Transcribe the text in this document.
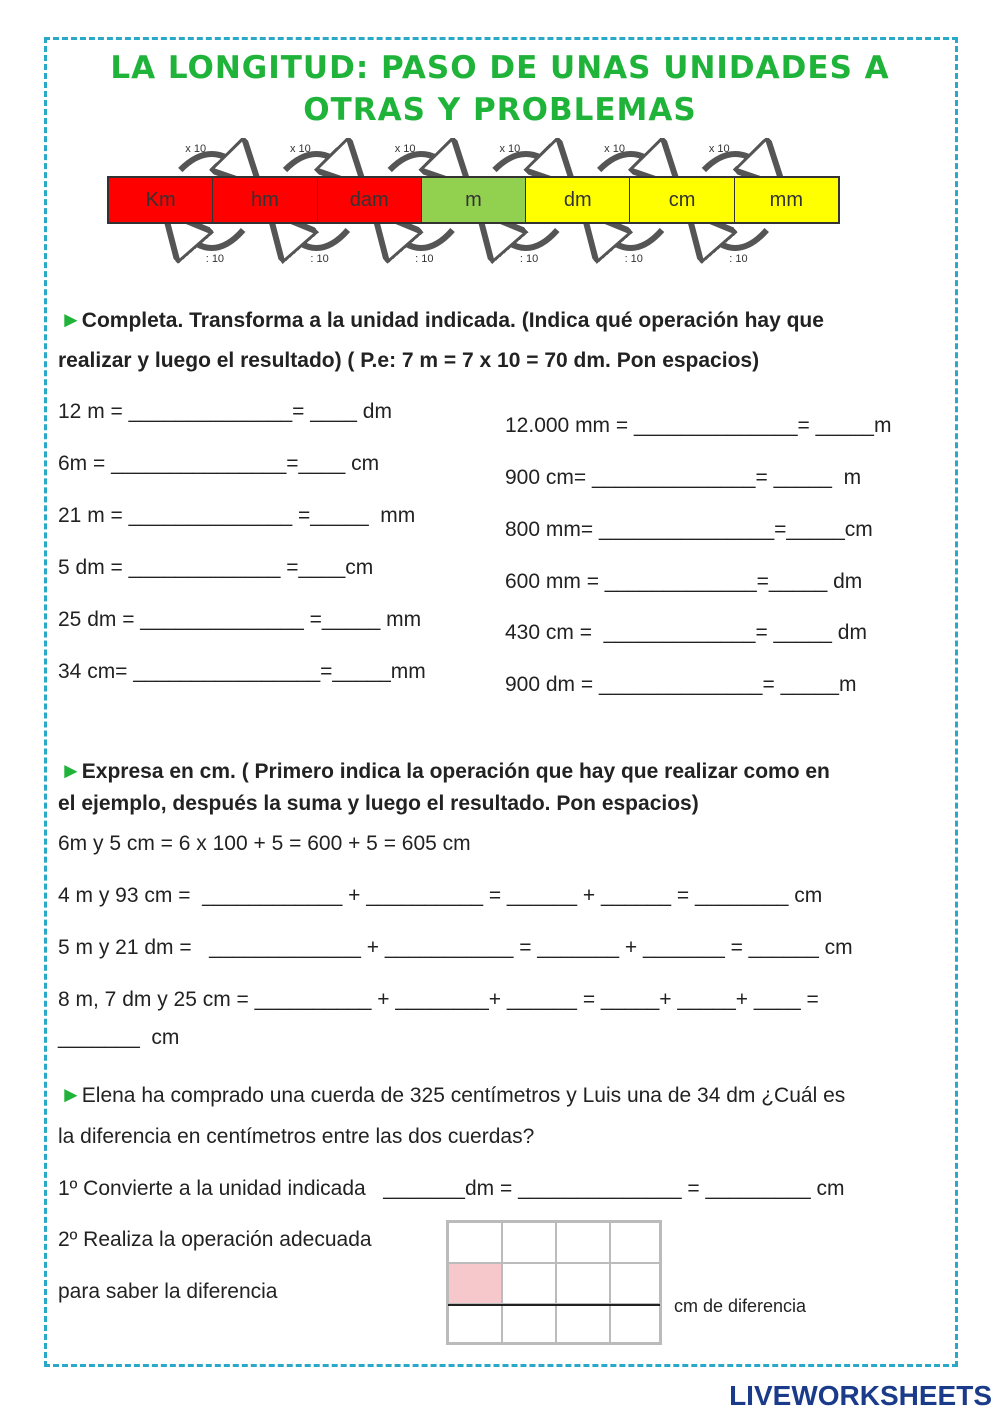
LA LONGITUD: PASO DE UNAS UNIDADES A
OTRAS Y PROBLEMAS
x 10	x 10	x 10	x 10	x 10	x 10
: 10	: 10	: 10	: 10	: 10	: 10
Km	hm	dam	m	dm	cm	mm
►Completa. Transforma a la unidad indicada. (Indica qué operación hay que
realizar y luego el resultado) ( P.e: 7 m = 7 x 10 = 70 dm. Pon espacios)
12 m = ______________= ____ dm
6m = _______________=____ cm
21 m = ______________ =_____  mm
5 dm = _____________ =____cm
25 dm = ______________ =_____ mm
34 cm= ________________=_____mm
12.000 mm = ______________= _____m
900 cm= ______________= _____  m
800 mm= _______________=_____cm
600 mm = _____________=_____ dm
430 cm =  _____________= _____ dm
900 dm = ______________= _____m
►Expresa en cm. ( Primero indica la operación que hay que realizar como en
el ejemplo, después la suma y luego el resultado. Pon espacios)
6m y 5 cm = 6 x 100 + 5 = 600 + 5 = 605 cm
4 m y 93 cm =  ____________ + __________ = ______ + ______ = ________ cm
5 m y 21 dm =   _____________ + ___________ = _______ + _______ = ______ cm
8 m, 7 dm y 25 cm = __________ + ________+ ______ = _____+ _____+ ____ =
_______  cm
►Elena ha comprado una cuerda de 325 centímetros y Luis una de 34 dm ¿Cuál es
la diferencia en centímetros entre las dos cuerdas?
1º Convierte a la unidad indicada   _______dm = ______________ = _________ cm
2º Realiza la operación adecuada
para saber la diferencia
cm de diferencia
LIVEWORKSHEETS
